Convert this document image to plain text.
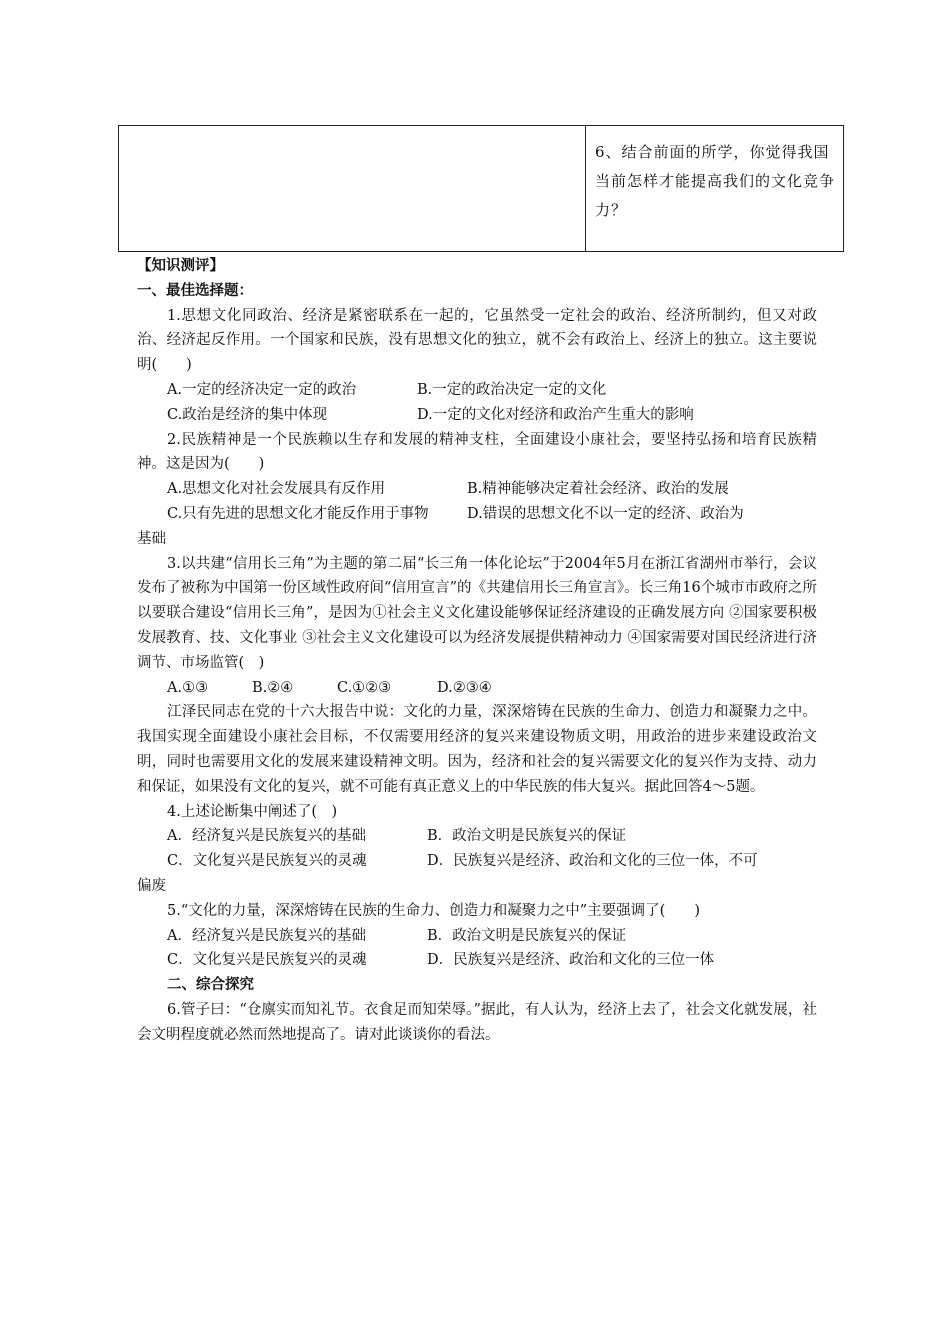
6、结合前面的所学，你觉得我国当前怎样才能提高我们的文化竞争力？

【知识测评】

一、最佳选择题：

1.思想文化同政治、经济是紧密联系在一起的，它虽然受一定社会的政治、经济所制约，但又对政治、经济起反作用。一个国家和民族，没有思想文化的独立，就不会有政治上、经济上的独立。这主要说明(　　)

A.一定的经济决定一定的政治	B.一定的政治决定一定的文化

C.政治是经济的集中体现	D.一定的文化对经济和政治产生重大的影响

2.民族精神是一个民族赖以生存和发展的精神支柱，全面建设小康社会，要坚持弘扬和培育民族精神。这是因为(　　)

A.思想文化对社会发展具有反作用	B.精神能够决定着社会经济、政治的发展

C.只有先进的思想文化才能反作用于事物	D.错误的思想文化不以一定的经济、政治为

基础

3.以共建“信用长三角”为主题的第二届“长三角一体化论坛”于2004年5月在浙江省湖州市举行，会议发布了被称为中国第一份区域性政府间“信用宣言”的《共建信用长三角宣言》。长三角16个城市市政府之所以要联合建设“信用长三角”，是因为①社会主义文化建设能够保证经济建设的正确发展方向 ②国家要积极发展教育、技、文化事业 ③社会主义文化建设可以为经济发展提供精神动力 ④国家需要对国民经济进行济调节、市场监管(　)

A.①③	B.②④	C.①②③	D.②③④

江泽民同志在党的十六大报告中说：文化的力量，深深熔铸在民族的生命力、创造力和凝聚力之中。我国实现全面建设小康社会目标，不仅需要用经济的复兴来建设物质文明，用政治的进步来建设政治文明，同时也需要用文化的发展来建设精神文明。因为，经济和社会的复兴需要文化的复兴作为支持、动力和保证，如果没有文化的复兴，就不可能有真正意义上的中华民族的伟大复兴。据此回答4～5题。

4.上述论断集中阐述了(　)

A．经济复兴是民族复兴的基础	B．政治文明是民族复兴的保证

C．文化复兴是民族复兴的灵魂	D．民族复兴是经济、政治和文化的三位一体，不可

偏废

5.“文化的力量，深深熔铸在民族的生命力、创造力和凝聚力之中”主要强调了(　　)

A．经济复兴是民族复兴的基础	B．政治文明是民族复兴的保证

C．文化复兴是民族复兴的灵魂	D．民族复兴是经济、政治和文化的三位一体

二、综合探究

6.管子曰：“仓廪实而知礼节。衣食足而知荣辱。”据此，有人认为，经济上去了，社会文化就发展，社会文明程度就必然而然地提高了。请对此谈谈你的看法。
